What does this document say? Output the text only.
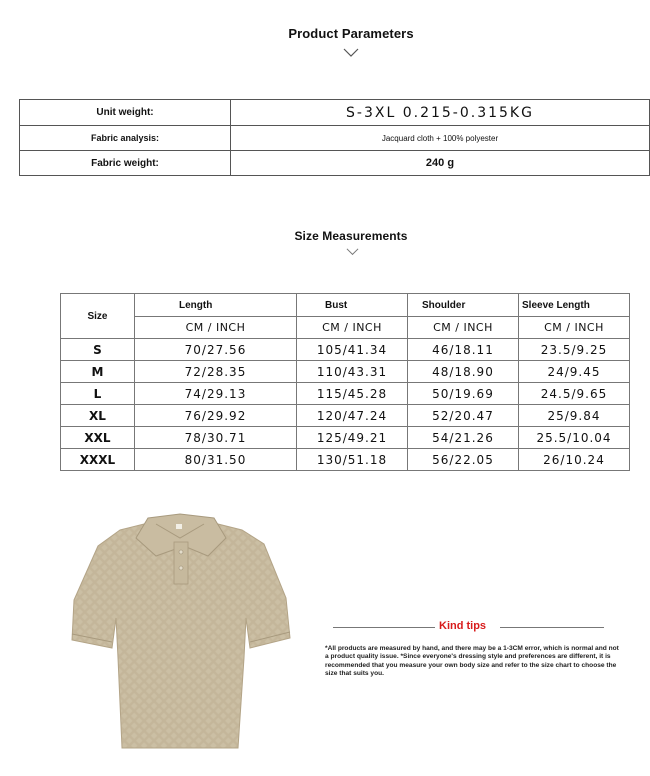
Product Parameters
Unit weight:	S-3XL 0.215-0.315KG
Fabric analysis:	Jacquard cloth + 100% polyester
Fabric weight:	240 g
Size Measurements
Size	Length	Bust	Shoulder	Sleeve Length
	CM / INCH	CM / INCH	CM / INCH	CM / INCH
S	70/27.56	105/41.34	46/18.11	23.5/9.25
M	72/28.35	110/43.31	48/18.90	24/9.45
L	74/29.13	115/45.28	50/19.69	24.5/9.65
XL	76/29.92	120/47.24	52/20.47	25/9.84
XXL	78/30.71	125/49.21	54/21.26	25.5/10.04
XXXL	80/31.50	130/51.18	56/22.05	26/10.24
Kind tips
*All products are measured by hand, and there may be a 1-3CM error, which is normal and not a product quality issue. *Since everyone's dressing style and preferences are different, it is recommended that you measure your own body size and refer to the size chart to choose the size that suits you.
